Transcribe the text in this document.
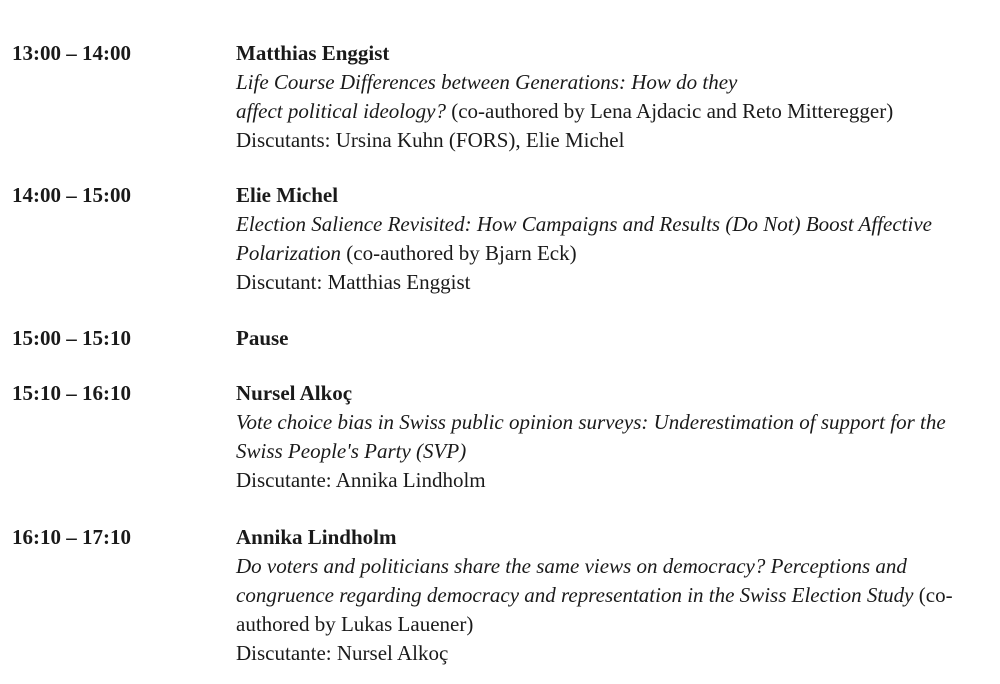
13:00 – 14:00	Matthias Enggist
Life Course Differences between Generations: How do they
affect political ideology? (co-authored by Lena Ajdacic and Reto Mitteregger)
Discutants: Ursina Kuhn (FORS), Elie Michel
14:00 – 15:00	Elie Michel
Election Salience Revisited: How Campaigns and Results (Do Not) Boost Affective
Polarization (co-authored by Bjarn Eck)
Discutant: Matthias Enggist
15:00 – 15:10	Pause
15:10 – 16:10	Nursel Alkoç
Vote choice bias in Swiss public opinion surveys: Underestimation of support for the
Swiss People's Party (SVP)
Discutante: Annika Lindholm
16:10 – 17:10	Annika Lindholm
Do voters and politicians share the same views on democracy? Perceptions and
congruence regarding democracy and representation in the Swiss Election Study (co-
authored by Lukas Lauener)
Discutante: Nursel Alkoç
